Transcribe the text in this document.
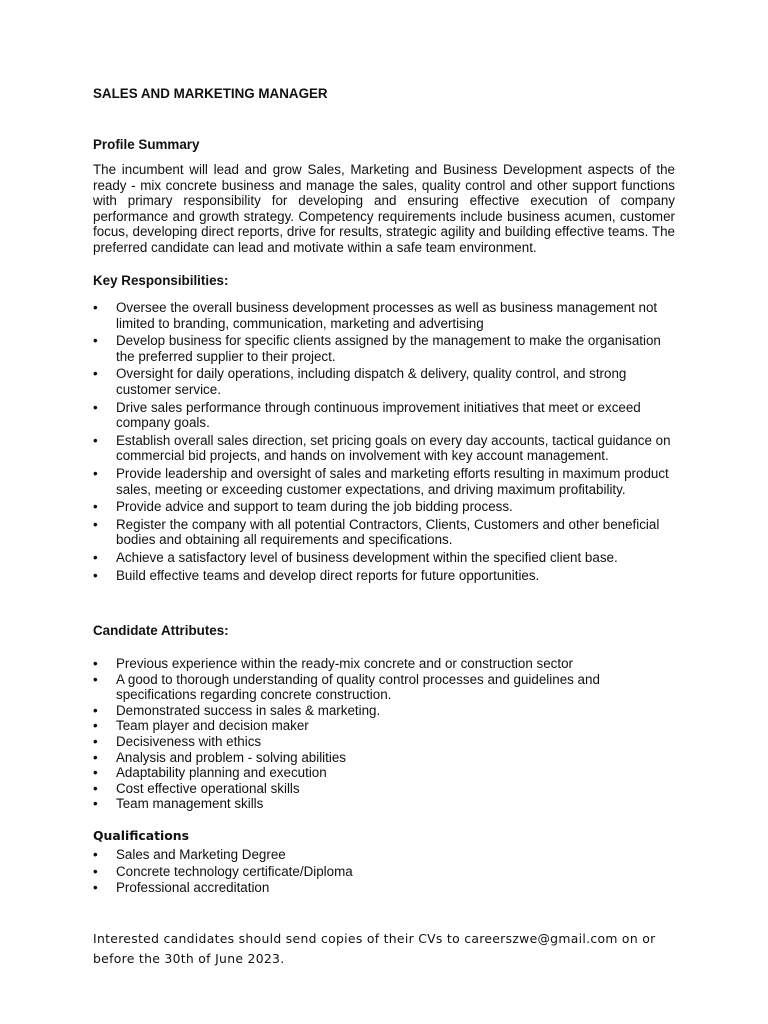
SALES AND MARKETING MANAGER
Profile Summary
The incumbent will lead and grow Sales, Marketing and Business Development aspects of the ready - mix concrete business and manage the sales, quality control and other support functions with primary responsibility for developing and ensuring effective execution of company performance and growth strategy. Competency requirements include business acumen, customer focus, developing direct reports, drive for results, strategic agility and building effective teams. The preferred candidate can lead and motivate within a safe team environment.
Key Responsibilities:
• Oversee the overall business development processes as well as business management not limited to branding, communication, marketing and advertising
• Develop business for specific clients assigned by the management to make the organisation the preferred supplier to their project.
• Oversight for daily operations, including dispatch & delivery, quality control, and strong customer service.
• Drive sales performance through continuous improvement initiatives that meet or exceed company goals.
• Establish overall sales direction, set pricing goals on every day accounts, tactical guidance on commercial bid projects, and hands on involvement with key account management.
• Provide leadership and oversight of sales and marketing efforts resulting in maximum product sales, meeting or exceeding customer expectations, and driving maximum profitability.
• Provide advice and support to team during the job bidding process.
• Register the company with all potential Contractors, Clients, Customers and other beneficial bodies and obtaining all requirements and specifications.
• Achieve a satisfactory level of business development within the specified client base.
• Build effective teams and develop direct reports for future opportunities.
Candidate Attributes:
• Previous experience within the ready-mix concrete and or construction sector
• A good to thorough understanding of quality control processes and guidelines and specifications regarding concrete construction.
• Demonstrated success in sales & marketing.
• Team player and decision maker
• Decisiveness with ethics
• Analysis and problem - solving abilities
• Adaptability planning and execution
• Cost effective operational skills
• Team management skills
Qualifications
• Sales and Marketing Degree
• Concrete technology certificate/Diploma
• Professional accreditation
Interested candidates should send copies of their CVs to careerszwe@gmail.com on or before the 30th of June 2023.
